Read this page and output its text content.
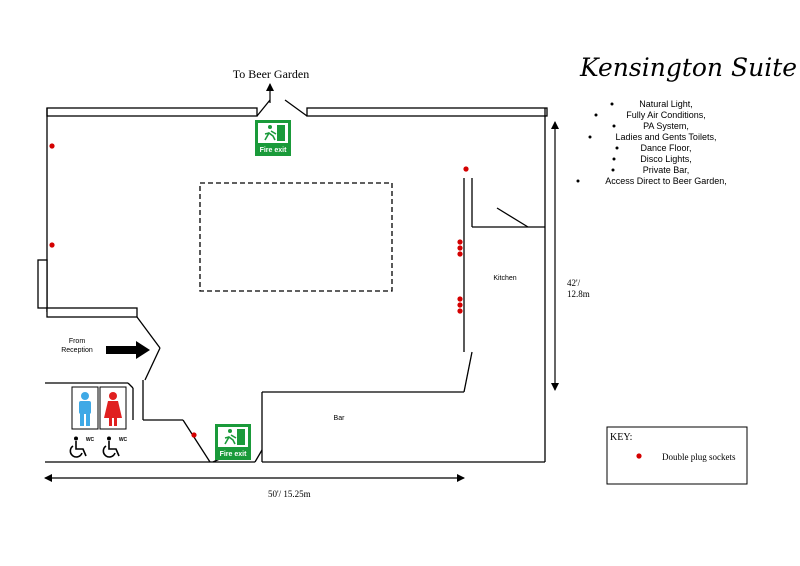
Kensington Suite
Natural Light,
Fully Air Conditions,
PA System,
Ladies and Gents Toilets,
Dance Floor,
Disco Lights,
Private Bar,
Access Direct to Beer Garden,
To Beer Garden
From
Reception
Kitchen
Bar
42'/
12.8m
50'/ 15.25m
Fire exit
Fire exit
WC	WC	KEY:
Double plug sockets
